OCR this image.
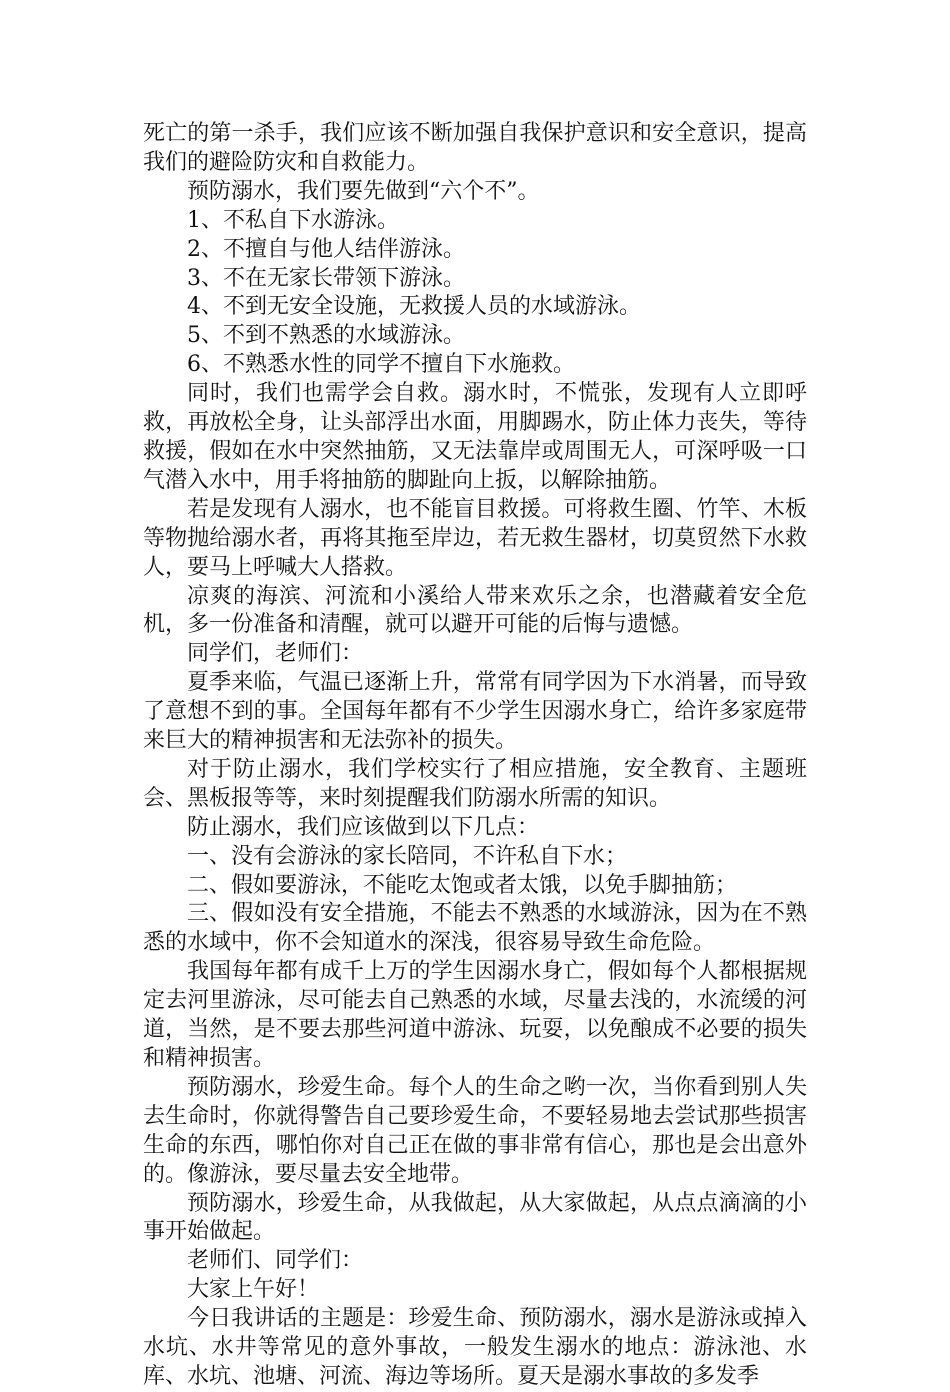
死亡的第一杀手，我们应该不断加强自我保护意识和安全意识，提高我们的避险防灾和自救能力。

预防溺水，我们要先做到“六个不”。

1、不私自下水游泳。

2、不擅自与他人结伴游泳。

3、不在无家长带领下游泳。

4、不到无安全设施，无救援人员的水域游泳。

5、不到不熟悉的水域游泳。

6、不熟悉水性的同学不擅自下水施救。

同时，我们也需学会自救。溺水时，不慌张，发现有人立即呼救，再放松全身，让头部浮出水面，用脚踢水，防止体力丧失，等待救援，假如在水中突然抽筋，又无法靠岸或周围无人，可深呼吸一口气潜入水中，用手将抽筋的脚趾向上扳，以解除抽筋。

若是发现有人溺水，也不能盲目救援。可将救生圈、竹竿、木板等物抛给溺水者，再将其拖至岸边，若无救生器材，切莫贸然下水救人，要马上呼喊大人搭救。

凉爽的海滨、河流和小溪给人带来欢乐之余，也潜藏着安全危机，多一份准备和清醒，就可以避开可能的后悔与遗憾。

同学们，老师们：

夏季来临，气温已逐渐上升，常常有同学因为下水消暑，而导致了意想不到的事。全国每年都有不少学生因溺水身亡，给许多家庭带来巨大的精神损害和无法弥补的损失。

对于防止溺水，我们学校实行了相应措施，安全教育、主题班会、黑板报等等，来时刻提醒我们防溺水所需的知识。

防止溺水，我们应该做到以下几点：

一、没有会游泳的家长陪同，不许私自下水；

二、假如要游泳，不能吃太饱或者太饿，以免手脚抽筋；

三、假如没有安全措施，不能去不熟悉的水域游泳，因为在不熟悉的水域中，你不会知道水的深浅，很容易导致生命危险。

我国每年都有成千上万的学生因溺水身亡，假如每个人都根据规定去河里游泳，尽可能去自己熟悉的水域，尽量去浅的，水流缓的河道，当然，是不要去那些河道中游泳、玩耍，以免酿成不必要的损失和精神损害。

预防溺水，珍爱生命。每个人的生命之哟一次，当你看到别人失去生命时，你就得警告自己要珍爱生命，不要轻易地去尝试那些损害生命的东西，哪怕你对自己正在做的事非常有信心，那也是会出意外的。像游泳，要尽量去安全地带。

预防溺水，珍爱生命，从我做起，从大家做起，从点点滴滴的小事开始做起。

老师们、同学们：

大家上午好！

今日我讲话的主题是：珍爱生命、预防溺水，溺水是游泳或掉入水坑、水井等常见的意外事故，一般发生溺水的地点：游泳池、水库、水坑、池塘、河流、海边等场所。夏天是溺水事故的多发季
